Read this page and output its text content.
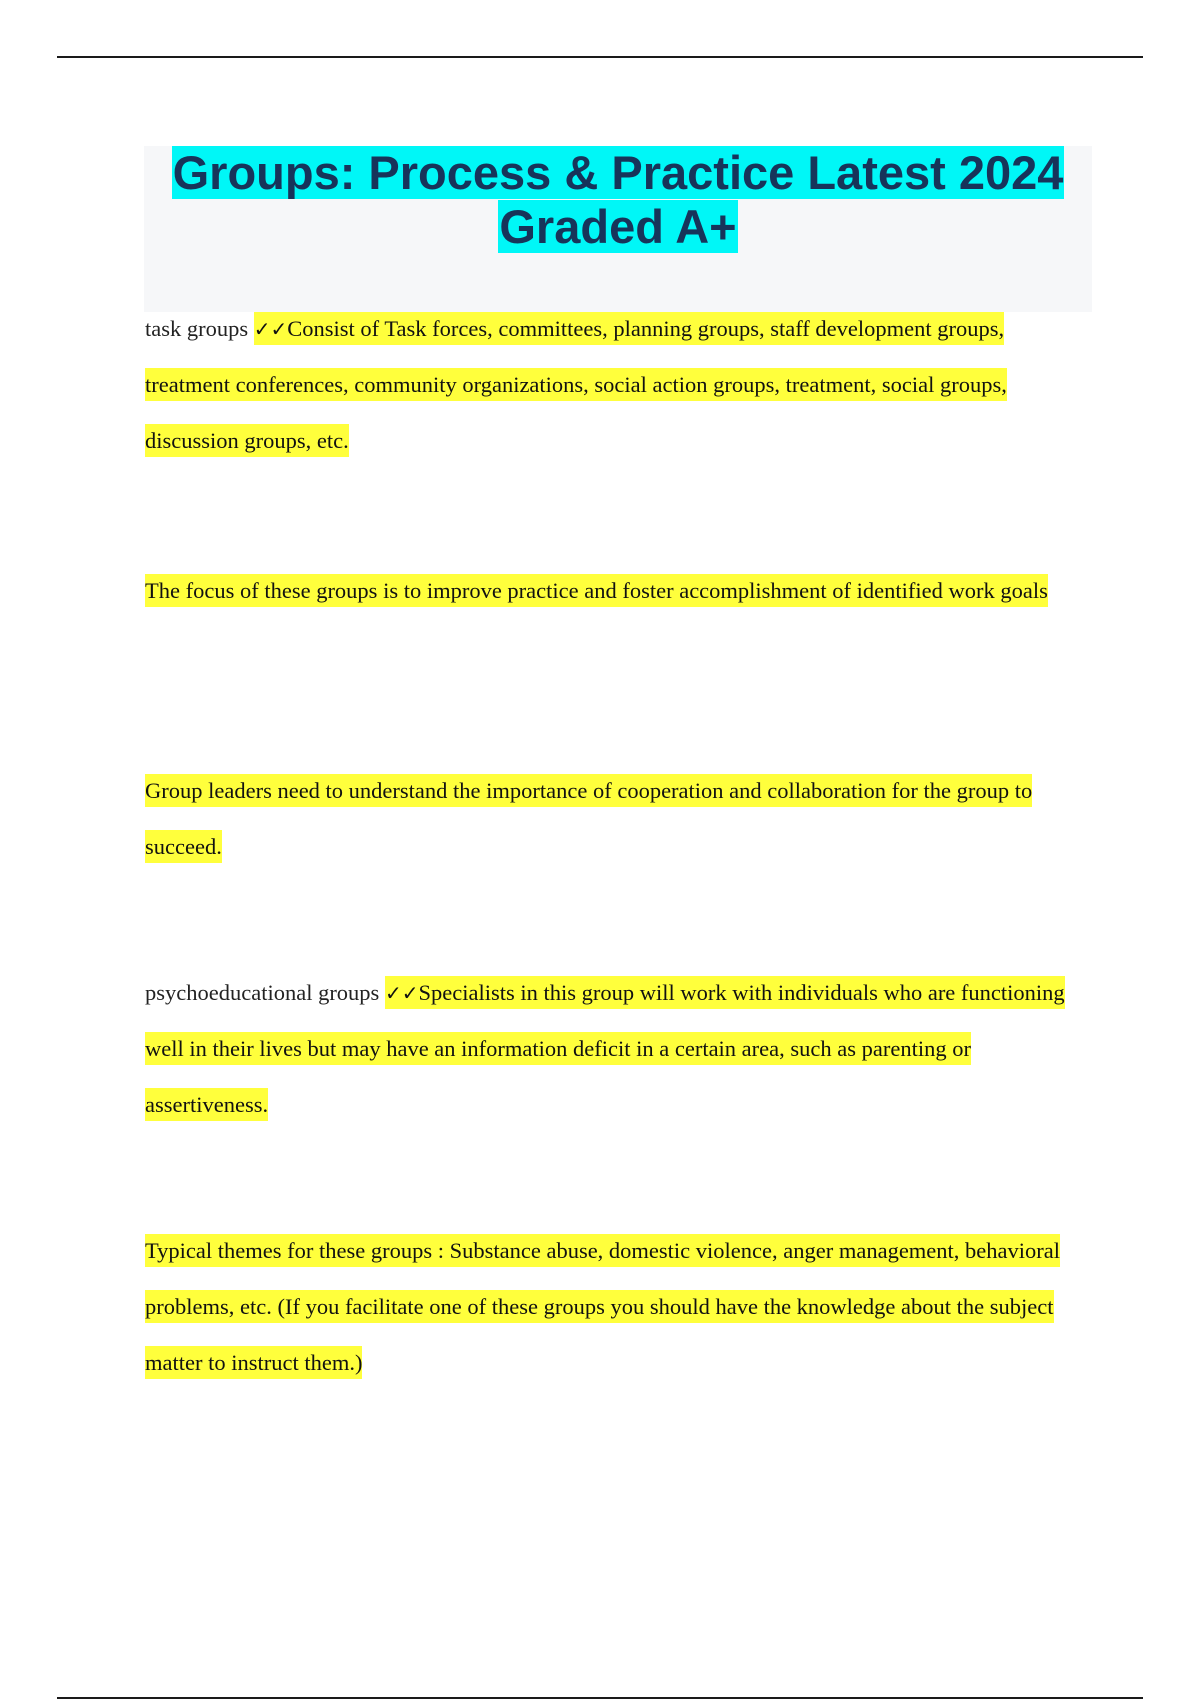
Groups: Process & Practice Latest 2024
Graded A+

task groups ✓✓Consist of Task forces, committees, planning groups, staff development groups, treatment conferences, community organizations, social action groups, treatment, social groups, discussion groups, etc.

The focus of these groups is to improve practice and foster accomplishment of identified work goals

Group leaders need to understand the importance of cooperation and collaboration for the group to succeed.

psychoeducational groups ✓✓Specialists in this group will work with individuals who are functioning well in their lives but may have an information deficit in a certain area, such as parenting or assertiveness.

Typical themes for these groups : Substance abuse, domestic violence, anger management, behavioral problems, etc. (If you facilitate one of these groups you should have the knowledge about the subject matter to instruct them.)
